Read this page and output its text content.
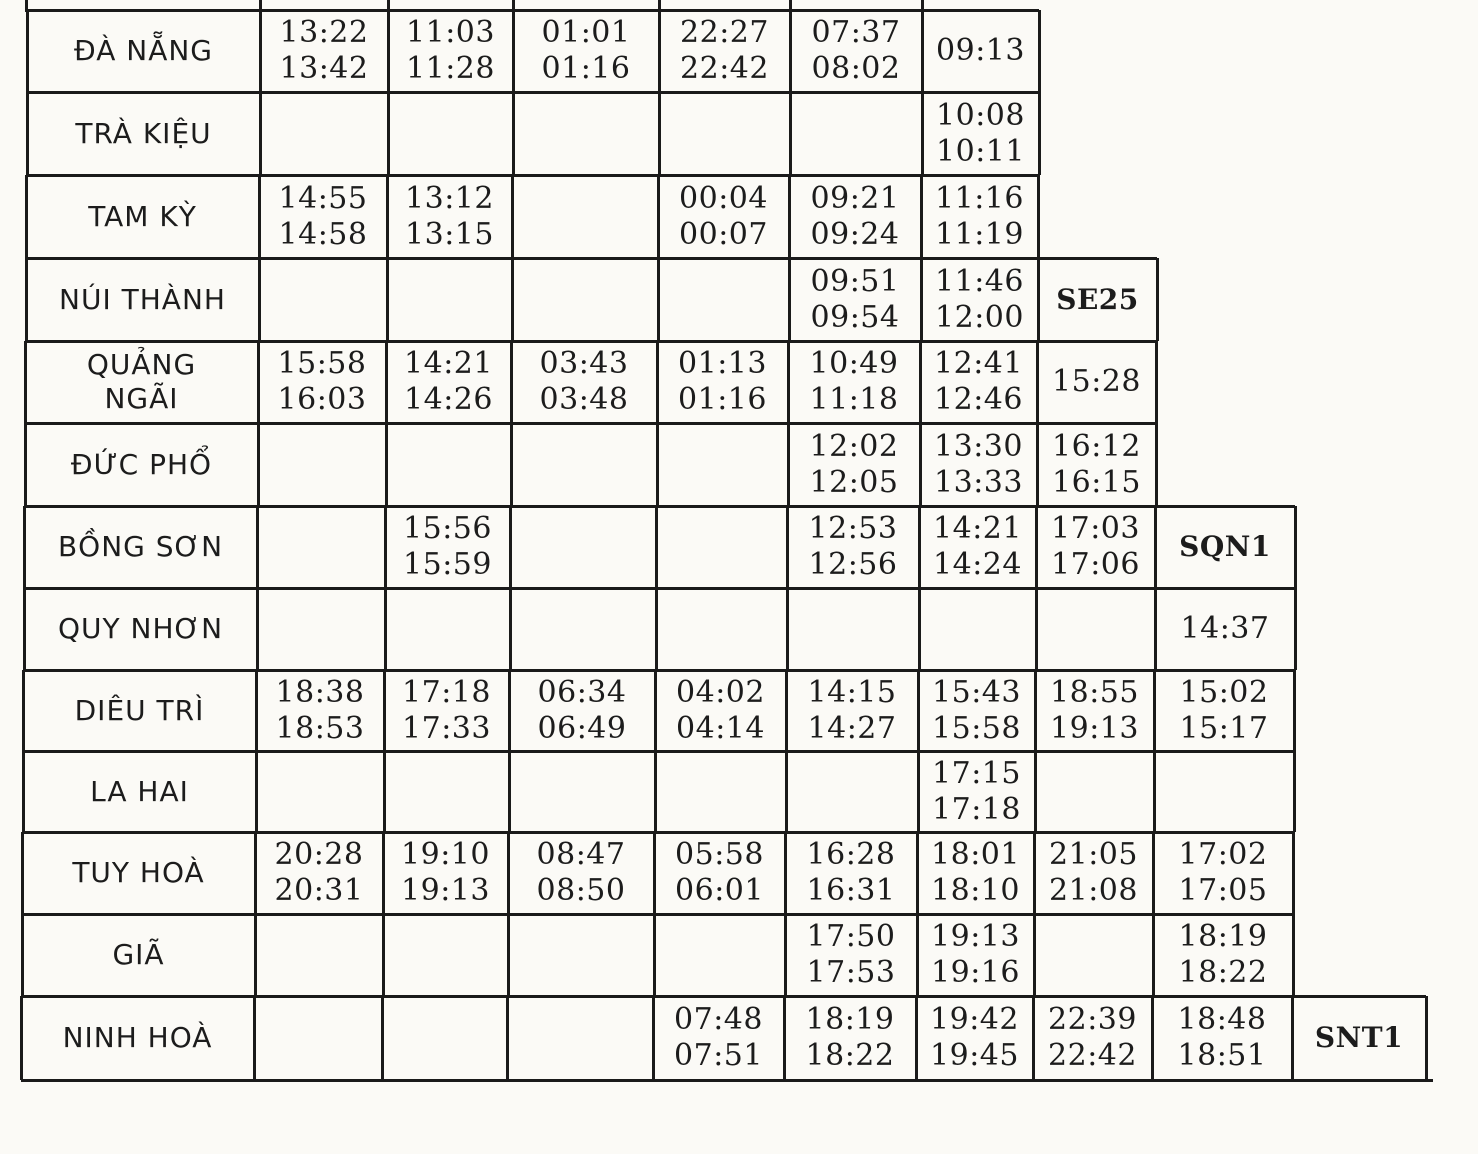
ĐÀ NẴNG
13:22
13:42
11:03
11:28
01:01
01:16
22:27
22:42
07:37
08:02
09:13
TRÀ KIỆU
10:08
10:11
TAM KỲ
14:55
14:58
13:12
13:15
00:04
00:07
09:21
09:24
11:16
11:19
NÚI THÀNH
09:51
09:54
11:46
12:00
SE25
QUẢNG
NGÃI
15:58
16:03
14:21
14:26
03:43
03:48
01:13
01:16
10:49
11:18
12:41
12:46
15:28
ĐỨC PHỔ
12:02
12:05
13:30
13:33
16:12
16:15
BỒNG SƠN
15:56
15:59
12:53
12:56
14:21
14:24
17:03
17:06
SQN1
QUY NHƠN	14:37
DIÊU TRÌ
18:38
18:53
17:18
17:33
06:34
06:49
04:02
04:14
14:15
14:27
15:43
15:58
18:55
19:13
15:02
15:17
LA HAI
17:15
17:18
TUY HOÀ
20:28
20:31
19:10
19:13
08:47
08:50
05:58
06:01
16:28
16:31
18:01
18:10
21:05
21:08
17:02
17:05
GIÃ
17:50
17:53
19:13
19:16
18:19
18:22
NINH HOÀ
07:48
07:51
18:19
18:22
19:42
19:45
22:39
22:42
18:48
18:51
SNT1
